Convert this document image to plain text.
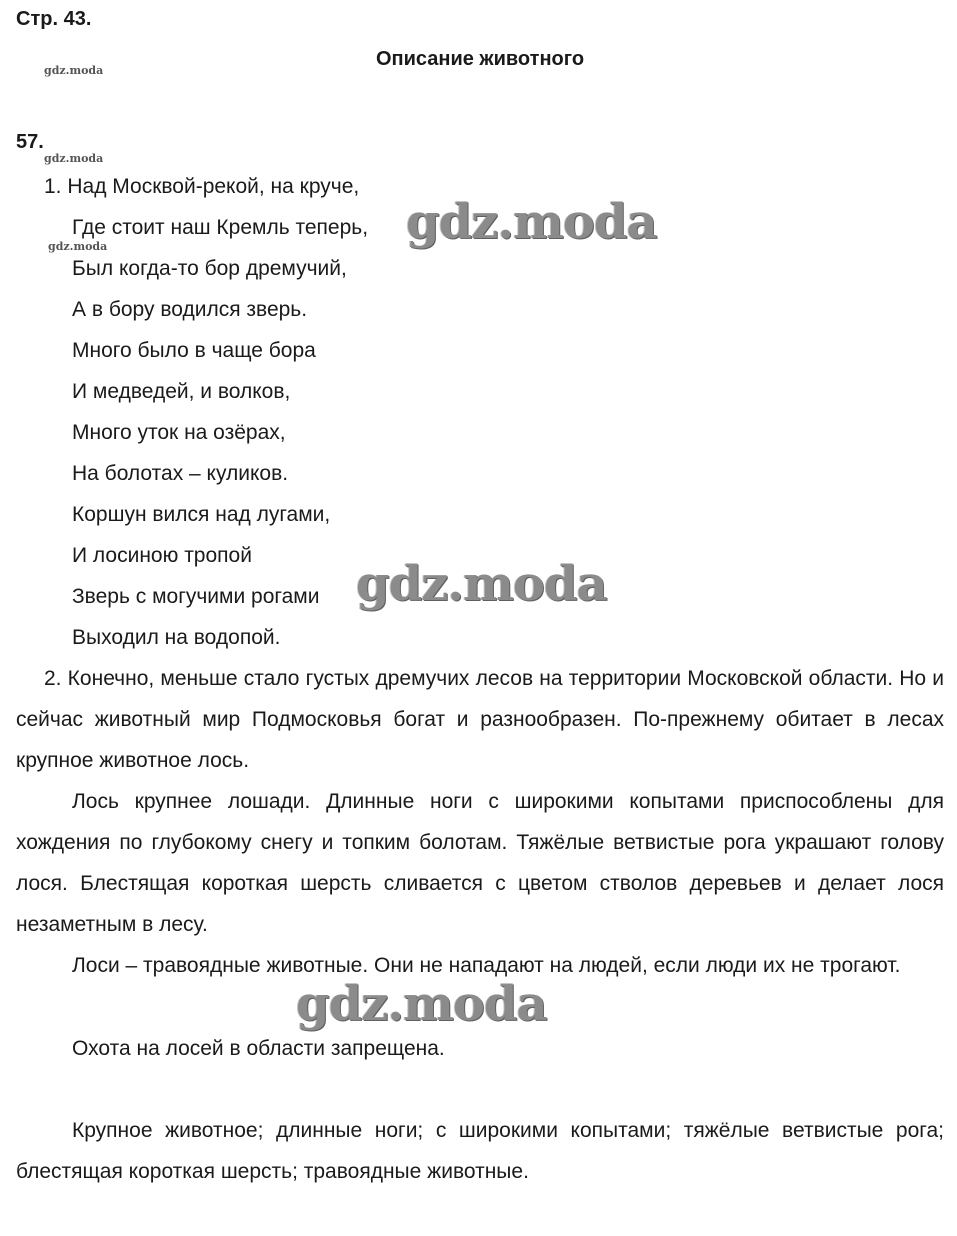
Стр. 43.
Описание животного
57.
gdz.moda
gdz.moda
gdz.moda
1. Над Москвой-рекой, на круче,
Где стоит наш Кремль теперь,
Был когда-то бор дремучий,
А в бору водился зверь.
Много было в чаще бора
И медведей, и волков,
Много уток на озёрах,
На болотах – куликов.
Коршун вился над лугами,
И лосиною тропой
Зверь с могучими рогами
Выходил на водопой.
2. Конечно, меньше стало густых дремучих лесов на территории Московской области. Но и сейчас животный мир Подмосковья богат и разнообразен. По-прежнему обитает в лесах крупное животное лось.
Лось крупнее лошади. Длинные ноги с широкими копытами приспособлены для хождения по глубокому снегу и топким болотам. Тяжёлые ветвистые рога украшают голову лося. Блестящая короткая шерсть сливается с цветом стволов деревьев и делает лося незаметным в лесу.
Лоси – травоядные животные. Они не нападают на людей, если люди их не трогают.
Охота на лосей в области запрещена.
Крупное животное; длинные ноги; с широкими копытами; тяжёлые ветвистые рога; блестящая короткая шерсть; травоядные животные.
gdz.moda
gdz.moda
gdz.moda
